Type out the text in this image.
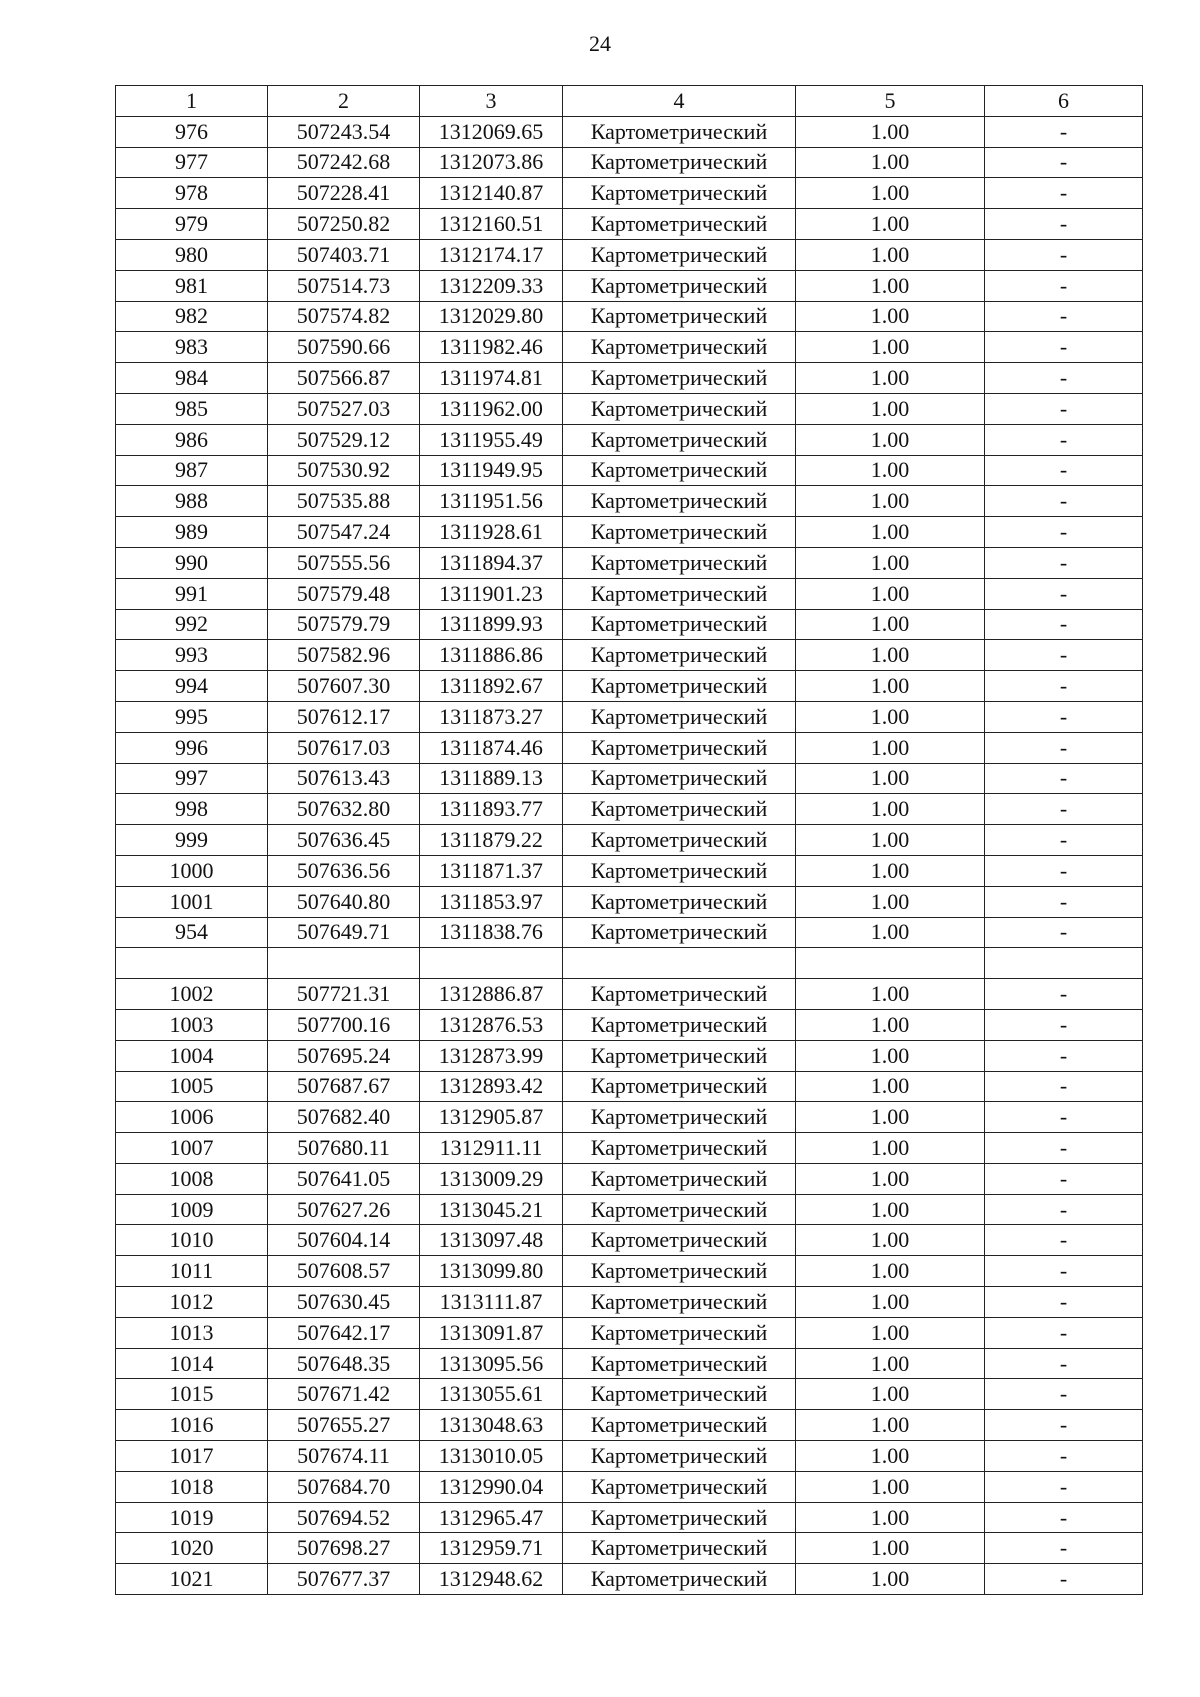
24
1	2	3	4	5	6
976	507243.54	1312069.65	Картометрический	1.00	-
977	507242.68	1312073.86	Картометрический	1.00	-
978	507228.41	1312140.87	Картометрический	1.00	-
979	507250.82	1312160.51	Картометрический	1.00	-
980	507403.71	1312174.17	Картометрический	1.00	-
981	507514.73	1312209.33	Картометрический	1.00	-
982	507574.82	1312029.80	Картометрический	1.00	-
983	507590.66	1311982.46	Картометрический	1.00	-
984	507566.87	1311974.81	Картометрический	1.00	-
985	507527.03	1311962.00	Картометрический	1.00	-
986	507529.12	1311955.49	Картометрический	1.00	-
987	507530.92	1311949.95	Картометрический	1.00	-
988	507535.88	1311951.56	Картометрический	1.00	-
989	507547.24	1311928.61	Картометрический	1.00	-
990	507555.56	1311894.37	Картометрический	1.00	-
991	507579.48	1311901.23	Картометрический	1.00	-
992	507579.79	1311899.93	Картометрический	1.00	-
993	507582.96	1311886.86	Картометрический	1.00	-
994	507607.30	1311892.67	Картометрический	1.00	-
995	507612.17	1311873.27	Картометрический	1.00	-
996	507617.03	1311874.46	Картометрический	1.00	-
997	507613.43	1311889.13	Картометрический	1.00	-
998	507632.80	1311893.77	Картометрический	1.00	-
999	507636.45	1311879.22	Картометрический	1.00	-
1000	507636.56	1311871.37	Картометрический	1.00	-
1001	507640.80	1311853.97	Картометрический	1.00	-
954	507649.71	1311838.76	Картометрический	1.00	-

1002	507721.31	1312886.87	Картометрический	1.00	-
1003	507700.16	1312876.53	Картометрический	1.00	-
1004	507695.24	1312873.99	Картометрический	1.00	-
1005	507687.67	1312893.42	Картометрический	1.00	-
1006	507682.40	1312905.87	Картометрический	1.00	-
1007	507680.11	1312911.11	Картометрический	1.00	-
1008	507641.05	1313009.29	Картометрический	1.00	-
1009	507627.26	1313045.21	Картометрический	1.00	-
1010	507604.14	1313097.48	Картометрический	1.00	-
1011	507608.57	1313099.80	Картометрический	1.00	-
1012	507630.45	1313111.87	Картометрический	1.00	-
1013	507642.17	1313091.87	Картометрический	1.00	-
1014	507648.35	1313095.56	Картометрический	1.00	-
1015	507671.42	1313055.61	Картометрический	1.00	-
1016	507655.27	1313048.63	Картометрический	1.00	-
1017	507674.11	1313010.05	Картометрический	1.00	-
1018	507684.70	1312990.04	Картометрический	1.00	-
1019	507694.52	1312965.47	Картометрический	1.00	-
1020	507698.27	1312959.71	Картометрический	1.00	-
1021	507677.37	1312948.62	Картометрический	1.00	-
